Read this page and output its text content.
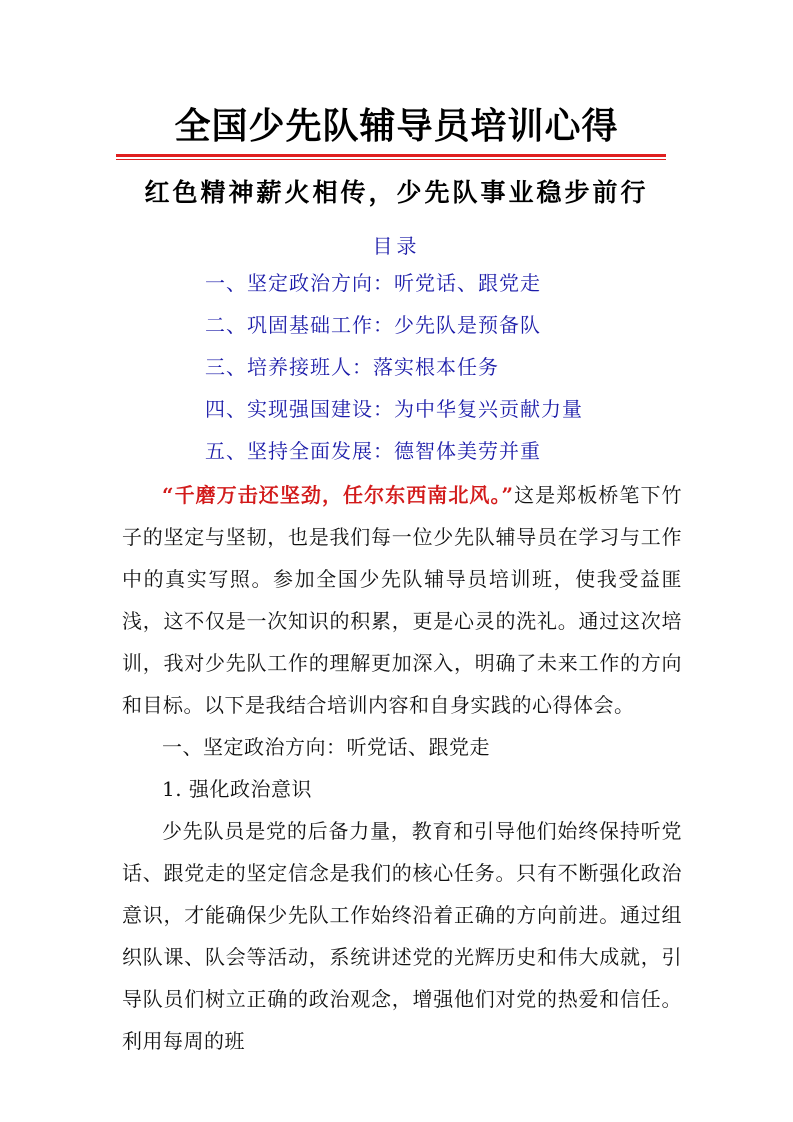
全国少先队辅导员培训心得
红色精神薪火相传，少先队事业稳步前行
目录
一、坚定政治方向：听党话、跟党走
二、巩固基础工作：少先队是预备队
三、培养接班人：落实根本任务
四、实现强国建设：为中华复兴贡献力量
五、坚持全面发展：德智体美劳并重

“千磨万击还坚劲，任尔东西南北风。”这是郑板桥笔下竹子的坚定与坚韧，也是我们每一位少先队辅导员在学习与工作中的真实写照。参加全国少先队辅导员培训班，使我受益匪浅，这不仅是一次知识的积累，更是心灵的洗礼。通过这次培训，我对少先队工作的理解更加深入，明确了未来工作的方向和目标。以下是我结合培训内容和自身实践的心得体会。

一、坚定政治方向：听党话、跟党走

1. 强化政治意识

少先队员是党的后备力量，教育和引导他们始终保持听党话、跟党走的坚定信念是我们的核心任务。只有不断强化政治意识，才能确保少先队工作始终沿着正确的方向前进。通过组织队课、队会等活动，系统讲述党的光辉历史和伟大成就，引导队员们树立正确的政治观念，增强他们对党的热爱和信任。利用每周的班
